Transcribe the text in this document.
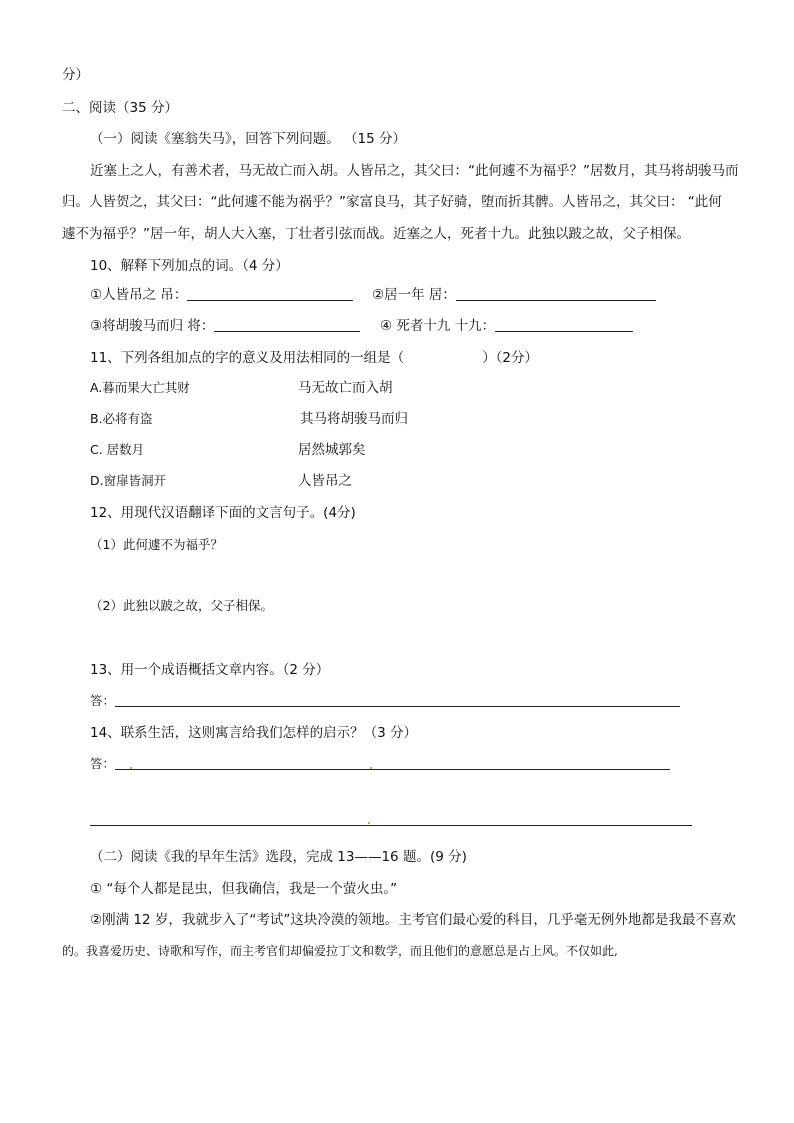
分）
二、阅读（35 分）
（一）阅读《塞翁失马》，回答下列问题。 （15 分）
近塞上之人，有善术者，马无故亡而入胡。人皆吊之，其父曰：“此何遽不为福乎？”居数月，其马将胡骏马而
归。人皆贺之，其父曰：“此何遽不能为祸乎？”家富良马，其子好骑，堕而折其髀。人皆吊之，其父曰： “此何
遽不为福乎？”居一年，胡人大入塞，丁壮者引弦而战。近塞之人，死者十九。此独以跛之故，父子相保。
10、解释下列加点的词。（4 分）
①人皆吊之 吊：	②居一年 居：
③将胡骏马而归 将：	④ 死者十九 十九：
11、下列各组加点的字的意义及用法相同的一组是（	）（2分）
A.暮而果大亡其财	马无故亡而入胡
B.必将有盗	其马将胡骏马而归
C. 居数月	居然城郭矣
D.窗扉皆洞开	人皆吊之
12、用现代汉语翻译下面的文言句子。(4分)
（1）此何遽不为福乎？
（2）此独以跛之故，父子相保。
13、用一个成语概括文章内容。（2 分）
答：
14、联系生活，这则寓言给我们怎样的启示？（3 分）
答：
（二）阅读《我的早年生活》选段，完成 13——16 题。(9 分)
① “每个人都是昆虫，但我确信，我是一个萤火虫。”
②刚满 12 岁，我就步入了“考试”这块冷漠的领地。主考官们最心爱的科目，几乎毫无例外地都是我最不喜欢
的。我喜爱历史、诗歌和写作，而主考官们却偏爱拉丁文和数学，而且他们的意愿总是占上风。不仅如此,
